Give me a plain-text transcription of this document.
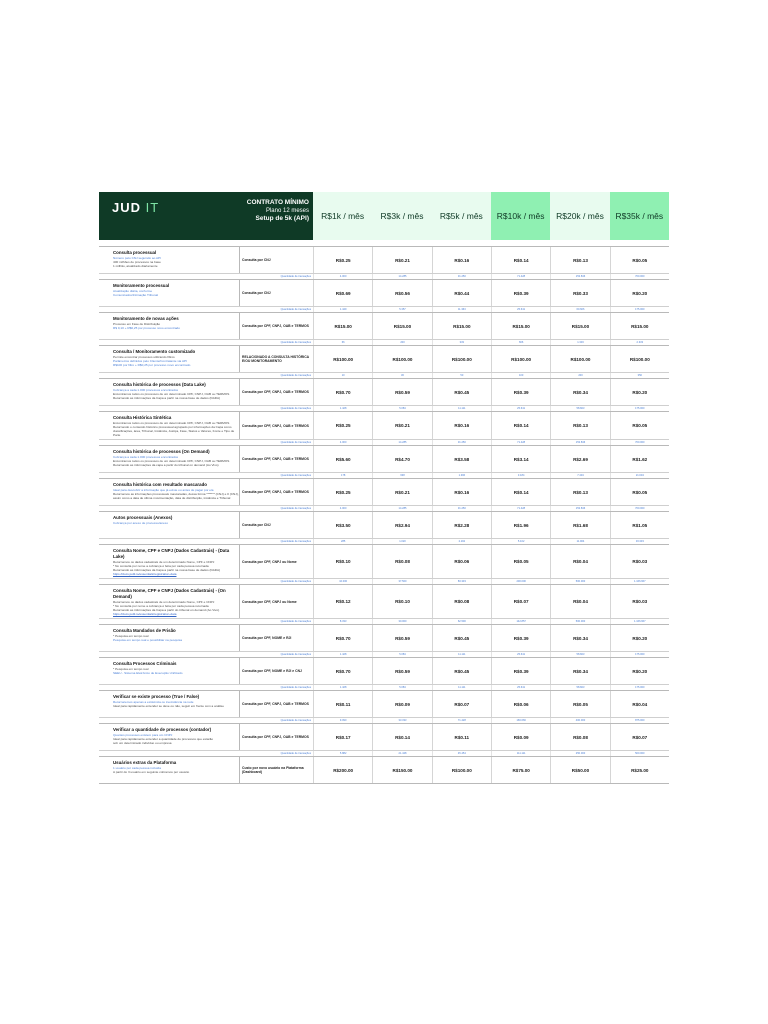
JUD IT	CONTRATO MÍNIMO
Plano 12 meses
Setup de 5k (API)	R$1k / mês	R$3k / mês	R$5k / mês	R$10k / mês	R$20k / mês	R$35k / mês
Consulta processual
Número pelo CNJ seguindo ao API
400 milhões de processos na base
1 milhão, atualizado diariamente
Consulta por CNJ	R$0.25	R$0.21	R$0.16	R$0.14	R$0.13	R$0.05
Quantidade de transações	4.000	14.285	31.250	71.428	153.846	700.000
Monitoramento processual
Atualização diária, conforme
Comunicados/Intimação Tribunal	Consulta por CNJ	R$0.69	R$0.56	R$0.44	R$0.39	R$0.33	R$0.20
Quantidade de transações	1.449	5.357	11.363	25.641	60.606	175.000
Monitoramento de novas ações
Processo em Fase de Distribuição
R$ 0,10 + R$0,25 por processo novo encontrado	Consulta por CPF, CNPJ, OAB e TERMOS	R$15.00	R$15.00	R$15.00	R$15.00	R$15.00	R$15.00
Quantidade de transações	66	200	333	666	1.333	2.333
Consulta / Monitoramento customizado
Permite encontrar processos utilizando filtros
Parâmetros definidos pelo Cliente/Contratante via API
R$100 por filtro + R$0,25 por processo novo encontrado
RELACIONADO A CONSULTA HISTÓRICA E/OU MONITORAMENTO	R$100.00	R$100.00	R$100.00	R$100.00	R$100.00	R$100.00
Quantidade de transações	10	30	50	100	200	350
Consulta histórica de processos (Data Lake)
Cobrança a cada 1.000 processos encontrados
Encontramos todos os processos de um determinado CPF, CNPJ, OAB ou TERMOS
Retornando as informações da Capa a partir na nossa base de dados (DADA)
Consulta por CPF, CNPJ, OAB e TERMOS	R$0.70	R$0.59	R$0.45	R$0.39	R$0.34	R$0.20
Quantidade de transações	1.428	5.084	11.111	25.641	58.823	175.000
Consulta Histórica Sintética
Encontramos todos os processos de um determinado CPF, CNPJ, OAB ou TERMOS
Retornando o conteúdo histórico processual agrupado por informações da Capa como classificações, área, Tribunal, Instância, Justiça, Fase, Status e Valores, Fonte e Tipo de Parte
Consulta por CPF, CNPJ, OAB e TERMOS	R$0.25	R$0.21	R$0.16	R$0.14	R$0.13	R$0.05
Quantidade de transações	4.000	14.285	31.250	71.428	153.846	700.000
Consulta histórica de processos (On Demand)
Cobrança a cada 1.000 processos encontrados
Encontramos todos os processos de um determinado CPF, CNPJ, OAB ou TERMOS
Retornando as informações da capa a partir do tribunal on demand (Ao Vivo)
Consulta por CPF, CNPJ, OAB e TERMOS	R$5.60	R$4.70	R$3.58	R$3.14	R$2.69	R$1.62
Quantidade de transações	178	638	1.396	3.184	7.434	21.604
Consulta histórica com resultado mascarado
Ideal para descobrir a informação que já existe ou antes de pagar por ela
Retornamos as informações processuais mascaradas, dessa forma ******* (CNJ) e 0 (CNJ),
assim como a data de última movimentação, data de distribuição, instância e Tribunal
Consulta por CPF, CNPJ, OAB e TERMOS	R$0.25	R$0.21	R$0.16	R$0.14	R$0.13	R$0.05
Quantidade de transações	4.000	14.285	31.250	71.428	153.846	700.000
Autos processuais (Anexos)
Cobrança por anexo de processo/anexo	Consulta por CNJ	R$3.50	R$2.94	R$2.28	R$1.96	R$1.68	R$1.05
Quantidade de transações	285	1.020	2.192	5.102	11.904	33.333
Consulta Nome, CPF e CNPJ (Dados Cadastrais) - (Data Lake)
Retornamos os dados cadastrais de um determinado Nome, CPF e CNPJ
* No consulta por nome a cobrança é feita por cada pessoa retornada
Retornando as informações da Capa a partir na nossa base de dados (DADA)
https://docs.judit.io/essentials/registration-data
Consulta por CPF, CNPJ ou Nome	R$0.10	R$0.08	R$0.06	R$0.05	R$0.04	R$0.03
Quantidade de transações	10.000	37.500	83.333	200.000	500.000	1.166.667
Consulta Nome, CPF e CNPJ (Dados Cadastrais) - (On Demand)
Retornamos os dados cadastrais de um determinado Nome, CPF e CNPJ
* No consulta por nome a cobrança é feita por cada pessoa retornada
Retornando as informações da Capa a partir do tribunal on demand (Ao Vivo)
https://docs.judit.io/essentials/registration-data
Consulta por CPF, CNPJ ou Nome	R$0.12	R$0.10	R$0.08	R$0.07	R$0.04	R$0.03
Quantidade de transações	8.333	30.000	62.500	142.857	500.000	1.166.667
Consulta Mandados de Prisão
* Pesquisa em tempo real
Pesquisa em tempo real e possibilitar na pesquisa	Consulta por CPF, NOME e RJI	R$0.70	R$0.59	R$0.45	R$0.39	R$0.34	R$0.20
Quantidade de transações	1.428	5.084	11.111	25.641	58.823	175.000
Consulta Processos Criminais
* Pesquisa em tempo real
SEEU - Sistema Eletrônico de Execução Unificado	Consulta por CPF, NOME e RJI e CNJ	R$0.70	R$0.59	R$0.45	R$0.39	R$0.34	R$0.20
Quantidade de transações	1.428	5.084	11.111	25.641	58.823	175.000
Verificar se existe processo (True / False)
Retornaremos apenas a existência ou inexistência na rede
Ideal para rapidamente entender se deve ou não, seguir em frente com a análise	Consulta por CPF, CNPJ, OAB e TERMOS	R$0.11	R$0.09	R$0.07	R$0.06	R$0.05	R$0.04
Quantidade de transações	9.090	33.333	71.428	166.666	400.000	875.000
Verificar a quantidade de processos (contador)
Quantos processos existem para um CNPJ
Ideal para rapidamente entender a quantidade de processos que estarão
sob um determinado individuo ou empresa
Consulta por CPF, CNPJ, OAB e TERMOS	R$0.17	R$0.14	R$0.11	R$0.09	R$0.08	R$0.07
Quantidade de transações	5.882	21.428	45.454	111.111	250.000	500.000
Usuários extras da Plataforma
1 usuário por cada pessoa incluída
A partir do 3 usuário em seguinte cobramos por usuário
Custo por novo usuário na Plataforma (Dashboard)	R$200.00	R$150.00	R$100.00	R$75.00	R$50.00	R$25.00
